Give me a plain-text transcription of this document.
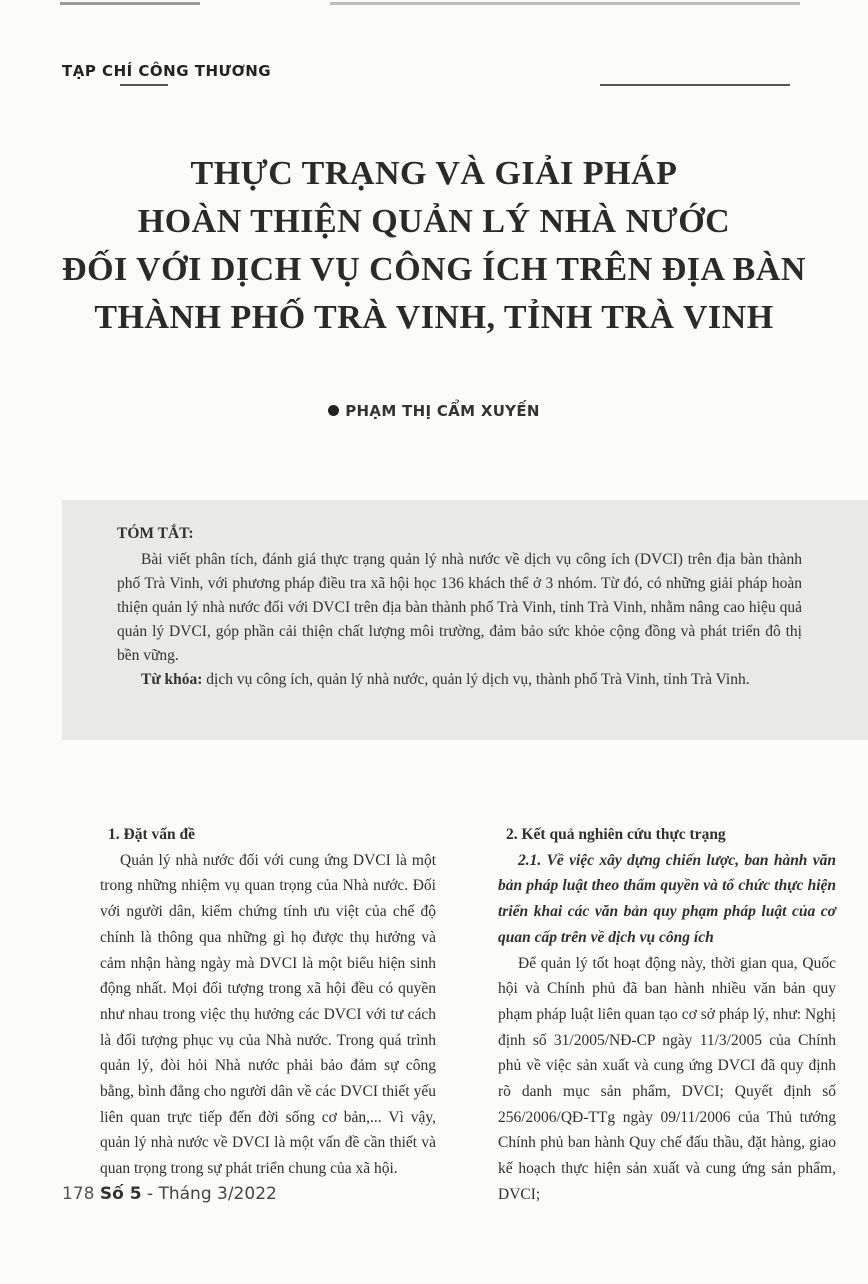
TẠP CHÍ CÔNG THƯƠNG
THỰC TRẠNG VÀ GIẢI PHÁP
HOÀN THIỆN QUẢN LÝ NHÀ NƯỚC
ĐỐI VỚI DỊCH VỤ CÔNG ÍCH TRÊN ĐỊA BÀN
THÀNH PHỐ TRÀ VINH, TỈNH TRÀ VINH
PHẠM THỊ CẨM XUYẾN
TÓM TẮT:

Bài viết phân tích, đánh giá thực trạng quản lý nhà nước về dịch vụ công ích (DVCI) trên địa bàn thành phố Trà Vinh, với phương pháp điều tra xã hội học 136 khách thể ở 3 nhóm. Từ đó, có những giải pháp hoàn thiện quản lý nhà nước đối với DVCI trên địa bàn thành phố Trà Vinh, tỉnh Trà Vinh, nhằm nâng cao hiệu quả quản lý DVCI, góp phần cải thiện chất lượng môi trường, đảm bảo sức khỏe cộng đồng và phát triển đô thị bền vững.

Từ khóa: dịch vụ công ích, quản lý nhà nước, quản lý dịch vụ, thành phố Trà Vinh, tỉnh Trà Vinh.

1. Đặt vấn đề

Quản lý nhà nước đối với cung ứng DVCI là một trong những nhiệm vụ quan trọng của Nhà nước. Đối với người dân, kiểm chứng tính ưu việt của chế độ chính là thông qua những gì họ được thụ hưởng và cảm nhận hàng ngày mà DVCI là một biểu hiện sinh động nhất. Mọi đối tượng trong xã hội đều có quyền như nhau trong việc thụ hưởng các DVCI với tư cách là đối tượng phục vụ của Nhà nước. Trong quá trình quản lý, đòi hỏi Nhà nước phải bảo đảm sự công bằng, bình đẳng cho người dân về các DVCI thiết yếu liên quan trực tiếp đến đời sống cơ bản,... Vì vậy, quản lý nhà nước về DVCI là một vấn đề cần thiết và quan trọng trong sự phát triển chung của xã hội.

2. Kết quả nghiên cứu thực trạng

2.1. Về việc xây dựng chiến lược, ban hành văn bản pháp luật theo thẩm quyền và tổ chức thực hiện triển khai các văn bản quy phạm pháp luật của cơ quan cấp trên về dịch vụ công ích

Để quản lý tốt hoạt động này, thời gian qua, Quốc hội và Chính phủ đã ban hành nhiều văn bản quy phạm pháp luật liên quan tạo cơ sở pháp lý, như: Nghị định số 31/2005/NĐ-CP ngày 11/3/2005 của Chính phủ về việc sản xuất và cung ứng DVCI đã quy định rõ danh mục sản phẩm, DVCI; Quyết định số 256/2006/QĐ-TTg ngày 09/11/2006 của Thủ tướng Chính phủ ban hành Quy chế đấu thầu, đặt hàng, giao kế hoạch thực hiện sản xuất và cung ứng sản phẩm, DVCI;

178 Số 5 - Tháng 3/2022
